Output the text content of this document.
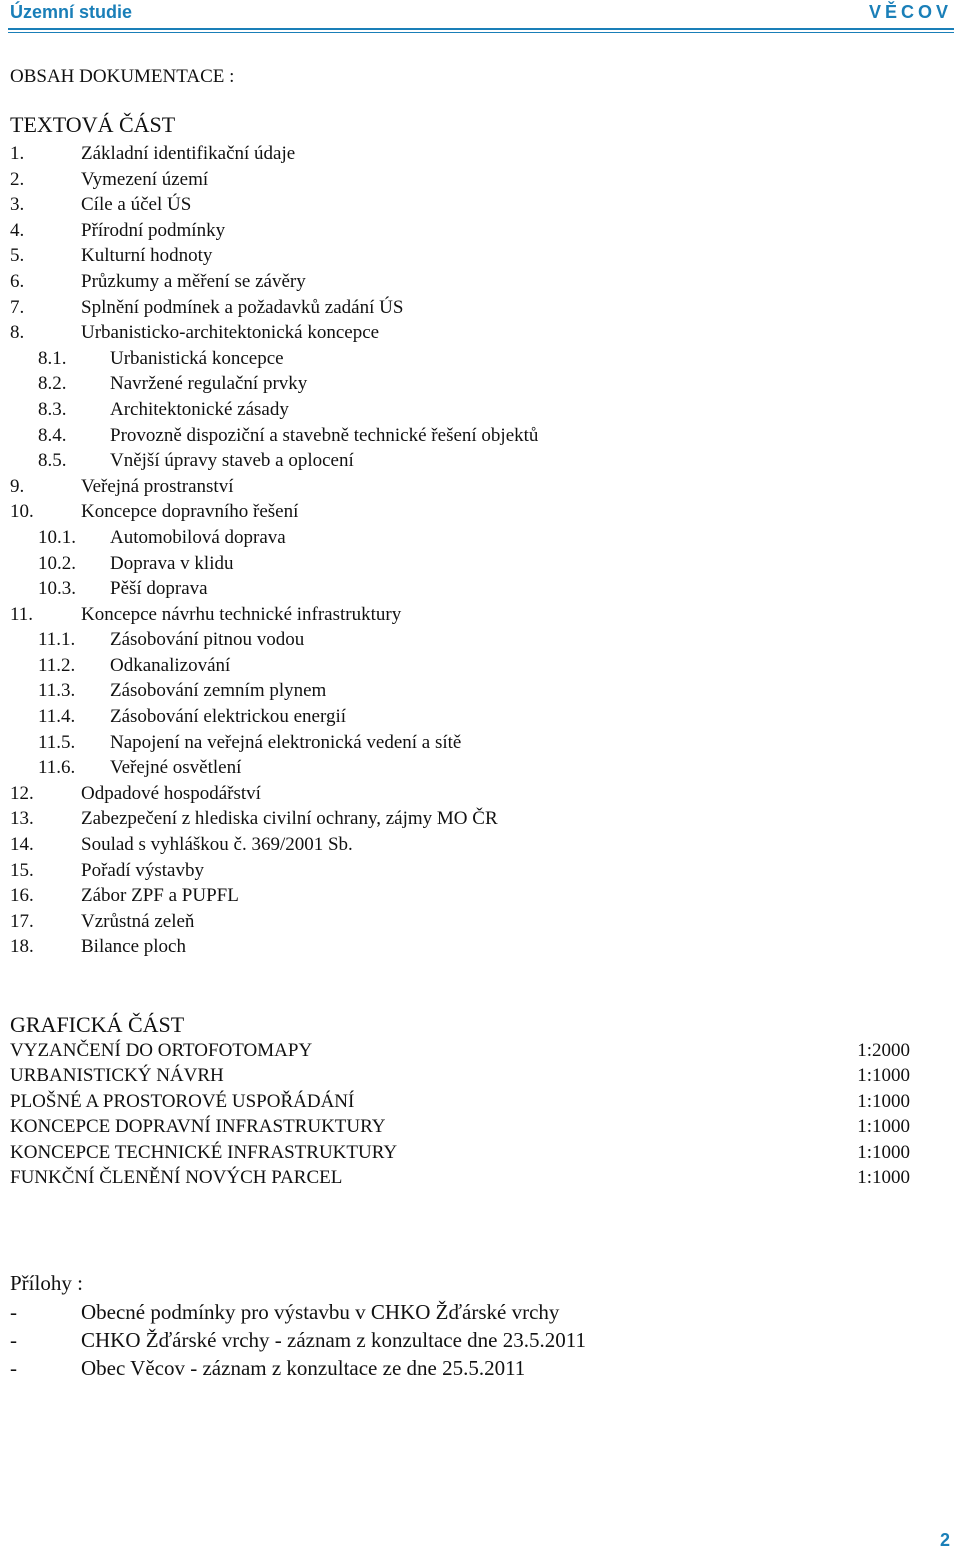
Územní studie	VĚCOV
OBSAH DOKUMENTACE :
TEXTOVÁ ČÁST
1.	Základní identifikační údaje
2.	Vymezení území
3.	Cíle a účel ÚS
4.	Přírodní podmínky
5.	Kulturní hodnoty
6.	Průzkumy a měření se závěry
7.	Splnění podmínek a požadavků zadání ÚS
8.	Urbanisticko-architektonická koncepce
8.1. Urbanistická koncepce
8.2. Navržené regulační prvky
8.3. Architektonické zásady
8.4. Provozně dispoziční a stavebně technické řešení objektů
8.5. Vnější úpravy staveb a oplocení
9.	Veřejná prostranství
10. Koncepce dopravního řešení
10.1. Automobilová doprava
10.2. Doprava v klidu
10.3. Pěší doprava
11.	Koncepce návrhu technické infrastruktury
11.1. Zásobování pitnou vodou
11.2. Odkanalizování
11.3. Zásobování zemním plynem
11.4. Zásobování elektrickou energií
11.5. Napojení na veřejná elektronická vedení a sítě
11.6. Veřejné osvětlení
12. Odpadové hospodářství
13. Zabezpečení z hlediska civilní ochrany, zájmy MO ČR
14. Soulad s vyhláškou č. 369/2001 Sb.
15. Pořadí výstavby
16. Zábor ZPF a PUPFL
17. Vzrůstná zeleň
18. Bilance ploch
GRAFICKÁ ČÁST
VYZANČENÍ DO ORTOFOTOMAPY	1:2000
URBANISTICKÝ NÁVRH	1:1000
PLOŠNÉ A PROSTOROVÉ USPOŘÁDÁNÍ	1:1000
KONCEPCE DOPRAVNÍ INFRASTRUKTURY	1:1000
KONCEPCE TECHNICKÉ INFRASTRUKTURY	1:1000
FUNKČNÍ ČLENĚNÍ NOVÝCH PARCEL	1:1000
Přílohy :
-	Obecné podmínky pro výstavbu v CHKO Žďárské vrchy
-	CHKO Žďárské vrchy - záznam z konzultace dne 23.5.2011
-	Obec Věcov - záznam z konzultace ze dne 25.5.2011
2
